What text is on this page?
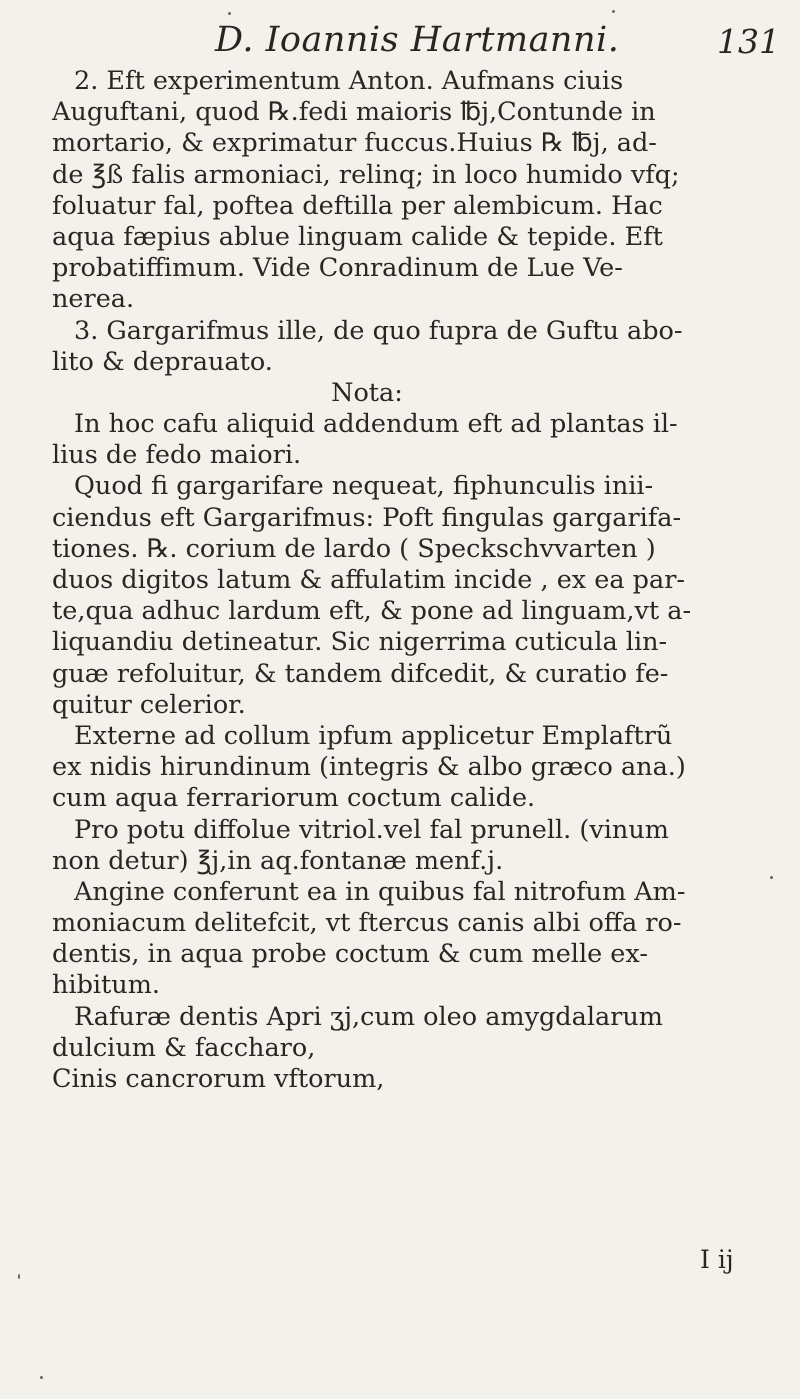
D. Ioannis Hartmanni.	131
2. Eft experimentum Anton. Aufmans ciuis
Auguftani, quod ℞.fedi maioris ℔j,Contunde in
mortario, & exprimatur fuccus.Huius ℞ ℔j, ad-
de ℥ß falis armoniaci, relinq; in loco humido vfq;
foluatur fal, poftea deftilla per alembicum. Hac
aqua fæpius ablue linguam calide & tepide. Eft
probatiffimum. Vide Conradinum de Lue Ve-
nerea.
3. Gargarifmus ille, de quo fupra de Guftu abo-
lito & deprauato.
Nota:
In hoc cafu aliquid addendum eft ad plantas il-
lius de fedo maiori.
Quod fi gargarifare nequeat, fiphunculis inii-
ciendus eft Gargarifmus: Poft fingulas gargarifa-
tiones. ℞. corium de lardo ( Speckschvvarten )
duos digitos latum & affulatim incide , ex ea par-
te,qua adhuc lardum eft, & pone ad linguam,vt a-
liquandiu detineatur. Sic nigerrima cuticula lin-
guæ refoluitur, & tandem difcedit, & curatio fe-
quitur celerior.
Externe ad collum ipfum applicetur Emplaftrũ
ex nidis hirundinum (integris & albo græco ana.)
cum aqua ferrariorum coctum calide.
Pro potu diffolue vitriol.vel fal prunell. (vinum
non detur) ℥j,in aq.fontanæ menf.j.
Angine conferunt ea in quibus fal nitrofum Am-
moniacum delitefcit, vt ftercus canis albi offa ro-
dentis, in aqua probe coctum & cum melle ex-
hibitum.
Rafuræ dentis Apri ʒj,cum oleo amygdalarum
dulcium & faccharo,
Cinis cancrorum vftorum,
I ij
